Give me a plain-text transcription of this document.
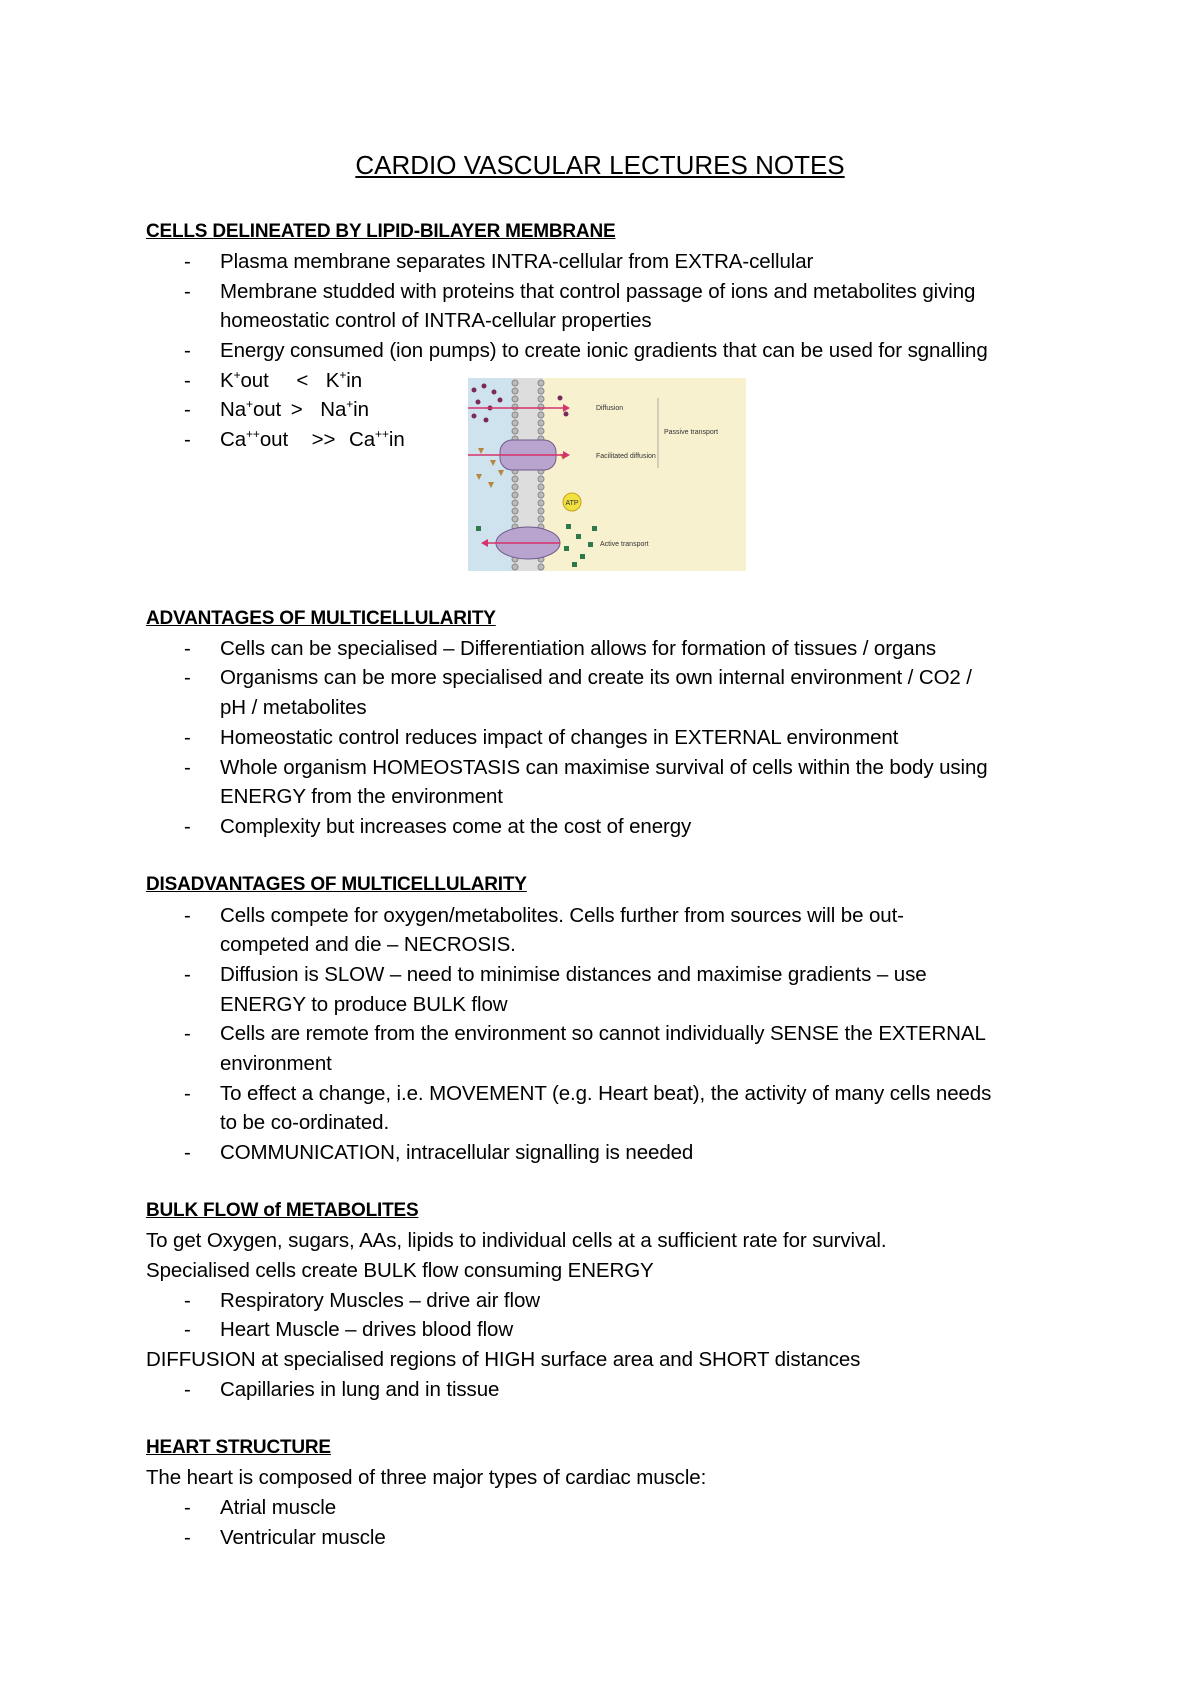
CARDIO VASCULAR LECTURES NOTES
CELLS DELINEATED BY LIPID-BILAYER MEMBRANE
- Plasma membrane separates INTRA-cellular from EXTRA-cellular
- Membrane studded with proteins that control passage of ions and metabolites giving
homeostatic control of INTRA-cellular properties
- Energy consumed (ion pumps) to create ionic gradients that can be used for sgnalling
- K+out < K+in
- Na+out > Na+in
- Ca++out >> Ca++in
ATP
Diffusion
Passive transport
Facilitated diffusion
Active transport
ADVANTAGES OF MULTICELLULARITY
- Cells can be specialised – Differentiation allows for formation of tissues / organs
- Organisms can be more specialised and create its own internal environment / CO2 /
pH / metabolites
- Homeostatic control reduces impact of changes in EXTERNAL environment
- Whole organism HOMEOSTASIS can maximise survival of cells within the body using
ENERGY from the environment
- Complexity but increases come at the cost of energy
DISADVANTAGES OF MULTICELLULARITY
- Cells compete for oxygen/metabolites. Cells further from sources will be out-
competed and die – NECROSIS.
- Diffusion is SLOW – need to minimise distances and maximise gradients – use
ENERGY to produce BULK flow
- Cells are remote from the environment so cannot individually SENSE the EXTERNAL
environment
- To effect a change, i.e. MOVEMENT (e.g. Heart beat), the activity of many cells needs
to be co-ordinated.
- COMMUNICATION, intracellular signalling is needed
BULK FLOW of METABOLITES
To get Oxygen, sugars, AAs, lipids to individual cells at a sufficient rate for survival.
Specialised cells create BULK flow consuming ENERGY
- Respiratory Muscles – drive air flow
- Heart Muscle – drives blood flow
DIFFUSION at specialised regions of HIGH surface area and SHORT distances
- Capillaries in lung and in tissue
HEART STRUCTURE
The heart is composed of three major types of cardiac muscle:
- Atrial muscle
- Ventricular muscle
